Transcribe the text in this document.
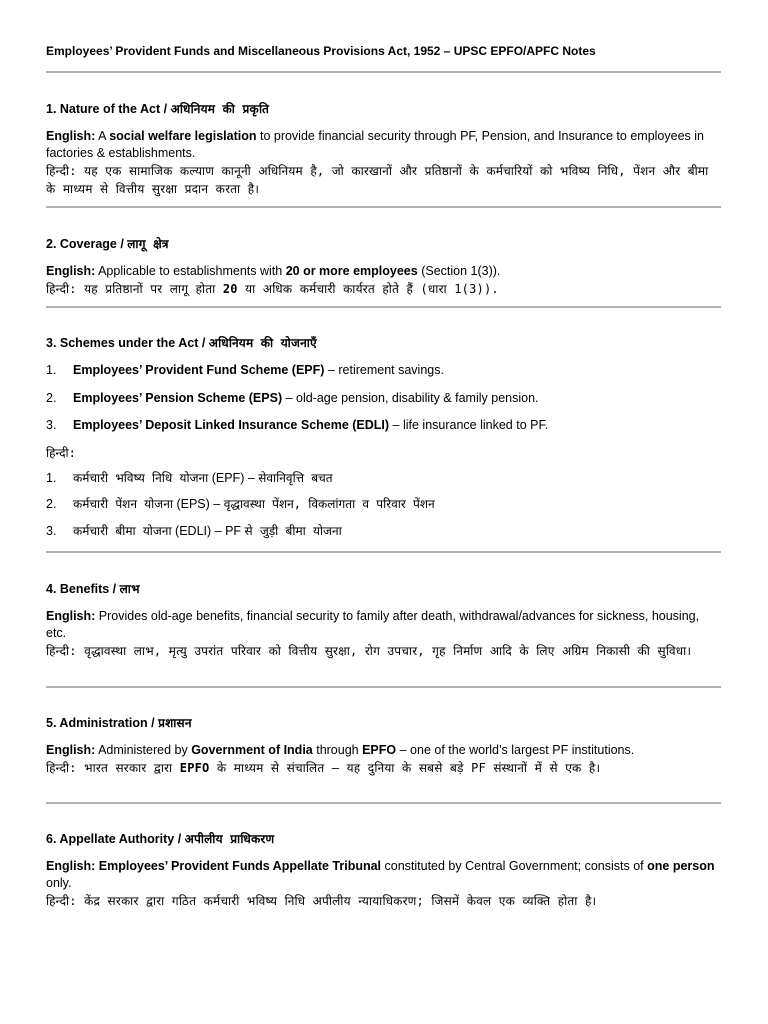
Employees’ Provident Funds and Miscellaneous Provisions Act, 1952 – UPSC EPFO/APFC Notes
1. Nature of the Act / अधिनियम की प्रकृति

English: A social welfare legislation to provide financial security through PF, Pension, and Insurance to employees in factories & establishments.

हिन्दी: यह एक सामाजिक कल्याण कानूनी अधिनियम है, जो कारखानों और प्रतिष्ठानों के कर्मचारियों को भविष्य निधि, पेंशन और बीमा के माध्यम से वित्तीय सुरक्षा प्रदान करता है।

2. Coverage / लागू क्षेत्र

English: Applicable to establishments with 20 or more employees (Section 1(3)).

हिन्दी: यह प्रतिष्ठानों पर लागू होता 20 या अधिक कर्मचारी कार्यरत होते हैं (धारा 1(3)).

3. Schemes under the Act / अधिनियम की योजनाएँ
1. Employees’ Provident Fund Scheme (EPF) – retirement savings.
2. Employees’ Pension Scheme (EPS) – old-age pension, disability & family pension.
3. Employees’ Deposit Linked Insurance Scheme (EDLI) – life insurance linked to PF.
हिन्दी:
1. कर्मचारी भविष्य निधि योजना (EPF) – सेवानिवृत्ति बचत
2. कर्मचारी पेंशन योजना (EPS) – वृद्धावस्था पेंशन, विकलांगता व परिवार पेंशन
3. कर्मचारी बीमा योजना (EDLI) – PF से जुड़ी बीमा योजना
4. Benefits / लाभ

English: Provides old-age benefits, financial security to family after death, withdrawal/advances for sickness, housing, etc.

हिन्दी: वृद्धावस्था लाभ, मृत्यु उपरांत परिवार को वित्तीय सुरक्षा, रोग उपचार, गृह निर्माण आदि के लिए अग्रिम निकासी की सुविधा।

5. Administration / प्रशासन

English: Administered by Government of India through EPFO – one of the world’s largest PF institutions.

हिन्दी: भारत सरकार द्वारा EPFO के माध्यम से संचालित – यह दुनिया के सबसे बड़े PF संस्थानों में से एक है।

6. Appellate Authority / अपीलीय प्राधिकरण

English: Employees’ Provident Funds Appellate Tribunal constituted by Central Government; consists of one person only.

हिन्दी: केंद्र सरकार द्वारा गठित कर्मचारी भविष्य निधि अपीलीय न्यायाधिकरण; जिसमें केवल एक व्यक्ति होता है।
